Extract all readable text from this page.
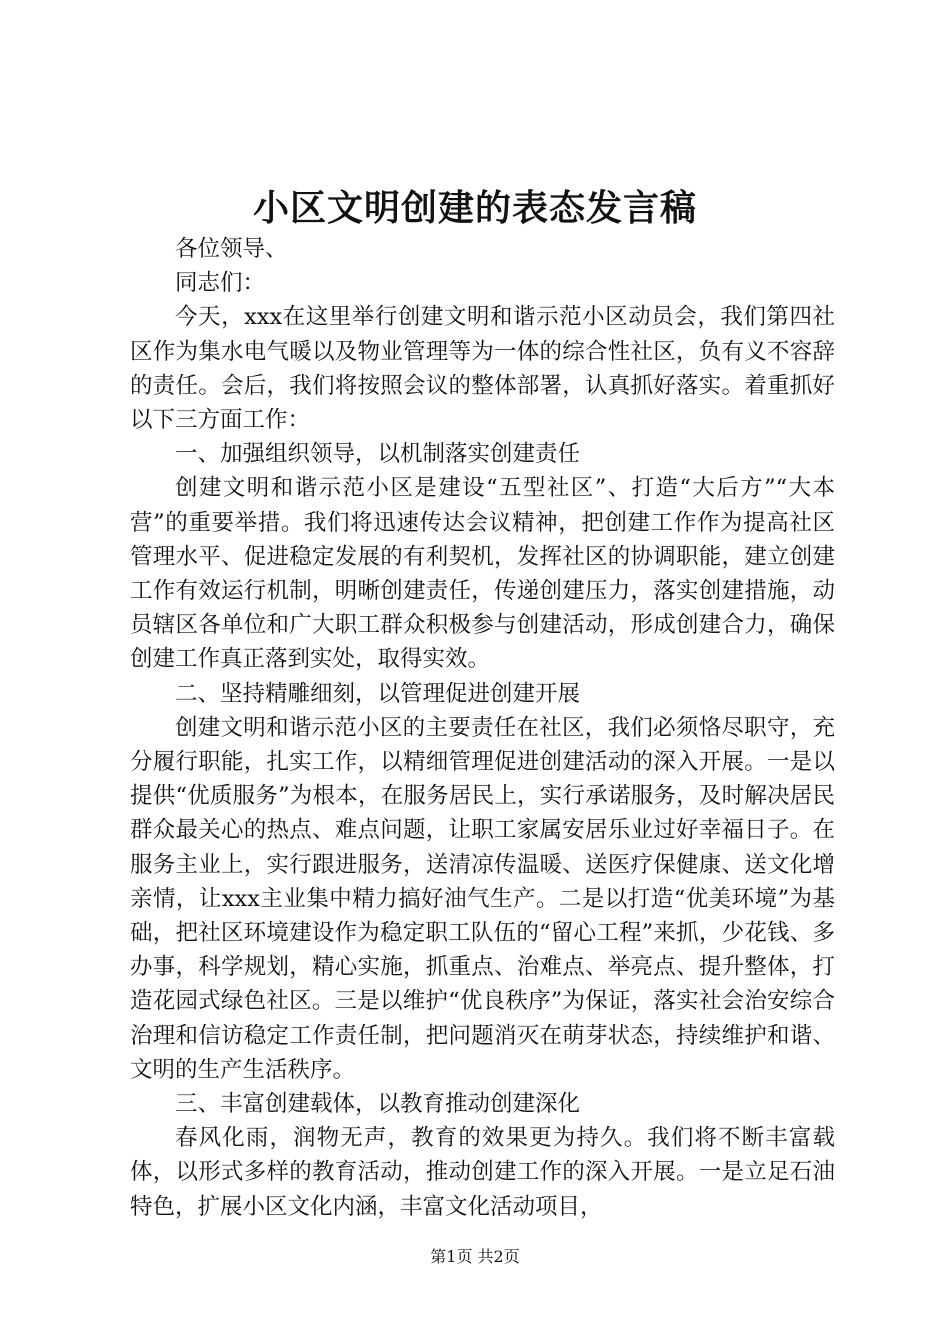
小区文明创建的表态发言稿

各位领导、

同志们：

今天，xxx在这里举行创建文明和谐示范小区动员会，我们第四社区作为集水电气暖以及物业管理等为一体的综合性社区，负有义不容辞的责任。会后，我们将按照会议的整体部署，认真抓好落实。着重抓好以下三方面工作：

一、加强组织领导，以机制落实创建责任

创建文明和谐示范小区是建设“五型社区”、打造“大后方”“大本营”的重要举措。我们将迅速传达会议精神，把创建工作作为提高社区管理水平、促进稳定发展的有利契机，发挥社区的协调职能，建立创建工作有效运行机制，明晰创建责任，传递创建压力，落实创建措施，动员辖区各单位和广大职工群众积极参与创建活动，形成创建合力，确保创建工作真正落到实处，取得实效。

二、坚持精雕细刻，以管理促进创建开展

创建文明和谐示范小区的主要责任在社区，我们必须恪尽职守，充分履行职能，扎实工作，以精细管理促进创建活动的深入开展。一是以提供“优质服务”为根本，在服务居民上，实行承诺服务，及时解决居民群众最关心的热点、难点问题，让职工家属安居乐业过好幸福日子。在服务主业上，实行跟进服务，送清凉传温暖、送医疗保健康、送文化增亲情，让xxx主业集中精力搞好油气生产。二是以打造“优美环境”为基础，把社区环境建设作为稳定职工队伍的“留心工程”来抓，少花钱、多办事，科学规划，精心实施，抓重点、治难点、举亮点、提升整体，打造花园式绿色社区。三是以维护“优良秩序”为保证，落实社会治安综合治理和信访稳定工作责任制，把问题消灭在萌芽状态，持续维护和谐、文明的生产生活秩序。

三、丰富创建载体，以教育推动创建深化

春风化雨，润物无声，教育的效果更为持久。我们将不断丰富载体，以形式多样的教育活动，推动创建工作的深入开展。一是立足石油特色，扩展小区文化内涵，丰富文化活动项目，

第1页 共2页
